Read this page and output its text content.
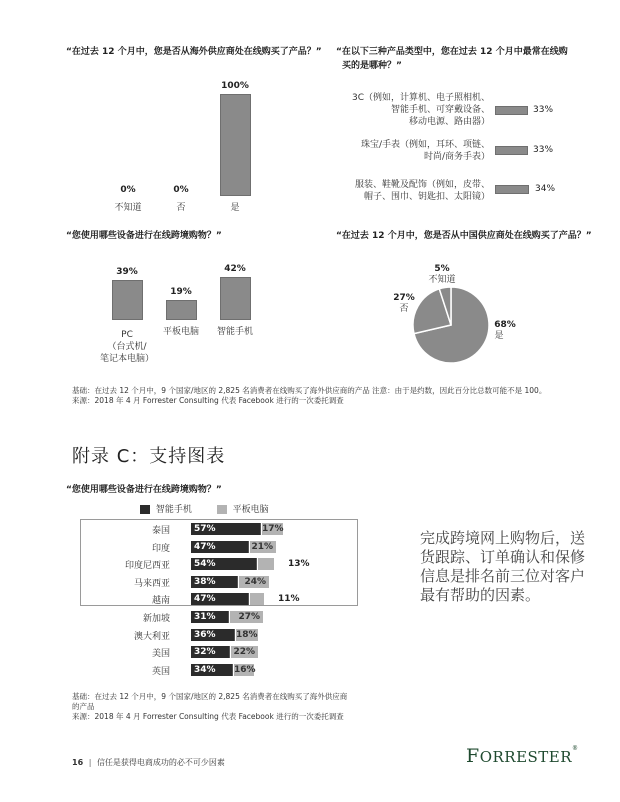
“在过去 12 个月中，您是否从海外供应商处在线购买了产品？”
0%	0%
100%
不知道	否	是
“在以下三种产品类型中，您在过去 12 个月中最常在线购
买的是哪种？”
3C（例如，计算机、电子照相机、
智能手机、可穿戴设备、
移动电源、路由器）
33%
珠宝/手表（例如，耳环、项链、
时尚/商务手表）
33%
服装、鞋靴及配饰（例如，皮带、
帽子、围巾、钥匙扣、太阳镜）
34%
“您使用哪些设备进行在线跨境购物？”
39%
19%
42%
PC
（台式机/
笔记本电脑）
平板电脑	智能手机
“在过去 12 个月中，您是否从中国供应商处在线购买了产品？”
5%
不知道
27%
否
68%
是
基础：在过去 12 个月中，9 个国家/地区的 2,825 名消费者在线购买了海外供应商的产品 注意：由于是约数，因此百分比总数可能不是 100。
来源：2018 年 4 月 Forrester Consulting 代表 Facebook 进行的一次委托调查
附录 C：支持图表
“您使用哪些设备进行在线跨境购物？”
智能手机	平板电脑
泰国	57%	17%
印度	47%	21%
印度尼西亚	54%	13%
马来西亚	38%	24%
越南	47%	11%
新加坡	31%	27%
澳大利亚	36%	18%
美国	32%	22%
英国	34%	16%
完成跨境网上购物后，送货跟踪、订单确认和保修信息是排名前三位对客户最有帮助的因素。
基础：在过去 12 个月中，9 个国家/地区的 2,825 名消费者在线购买了海外供应商
的产品
来源：2018 年 4 月 Forrester Consulting 代表 Facebook 进行的一次委托调查
16 | 信任是获得电商成功的必不可少因素	FORRESTER®
